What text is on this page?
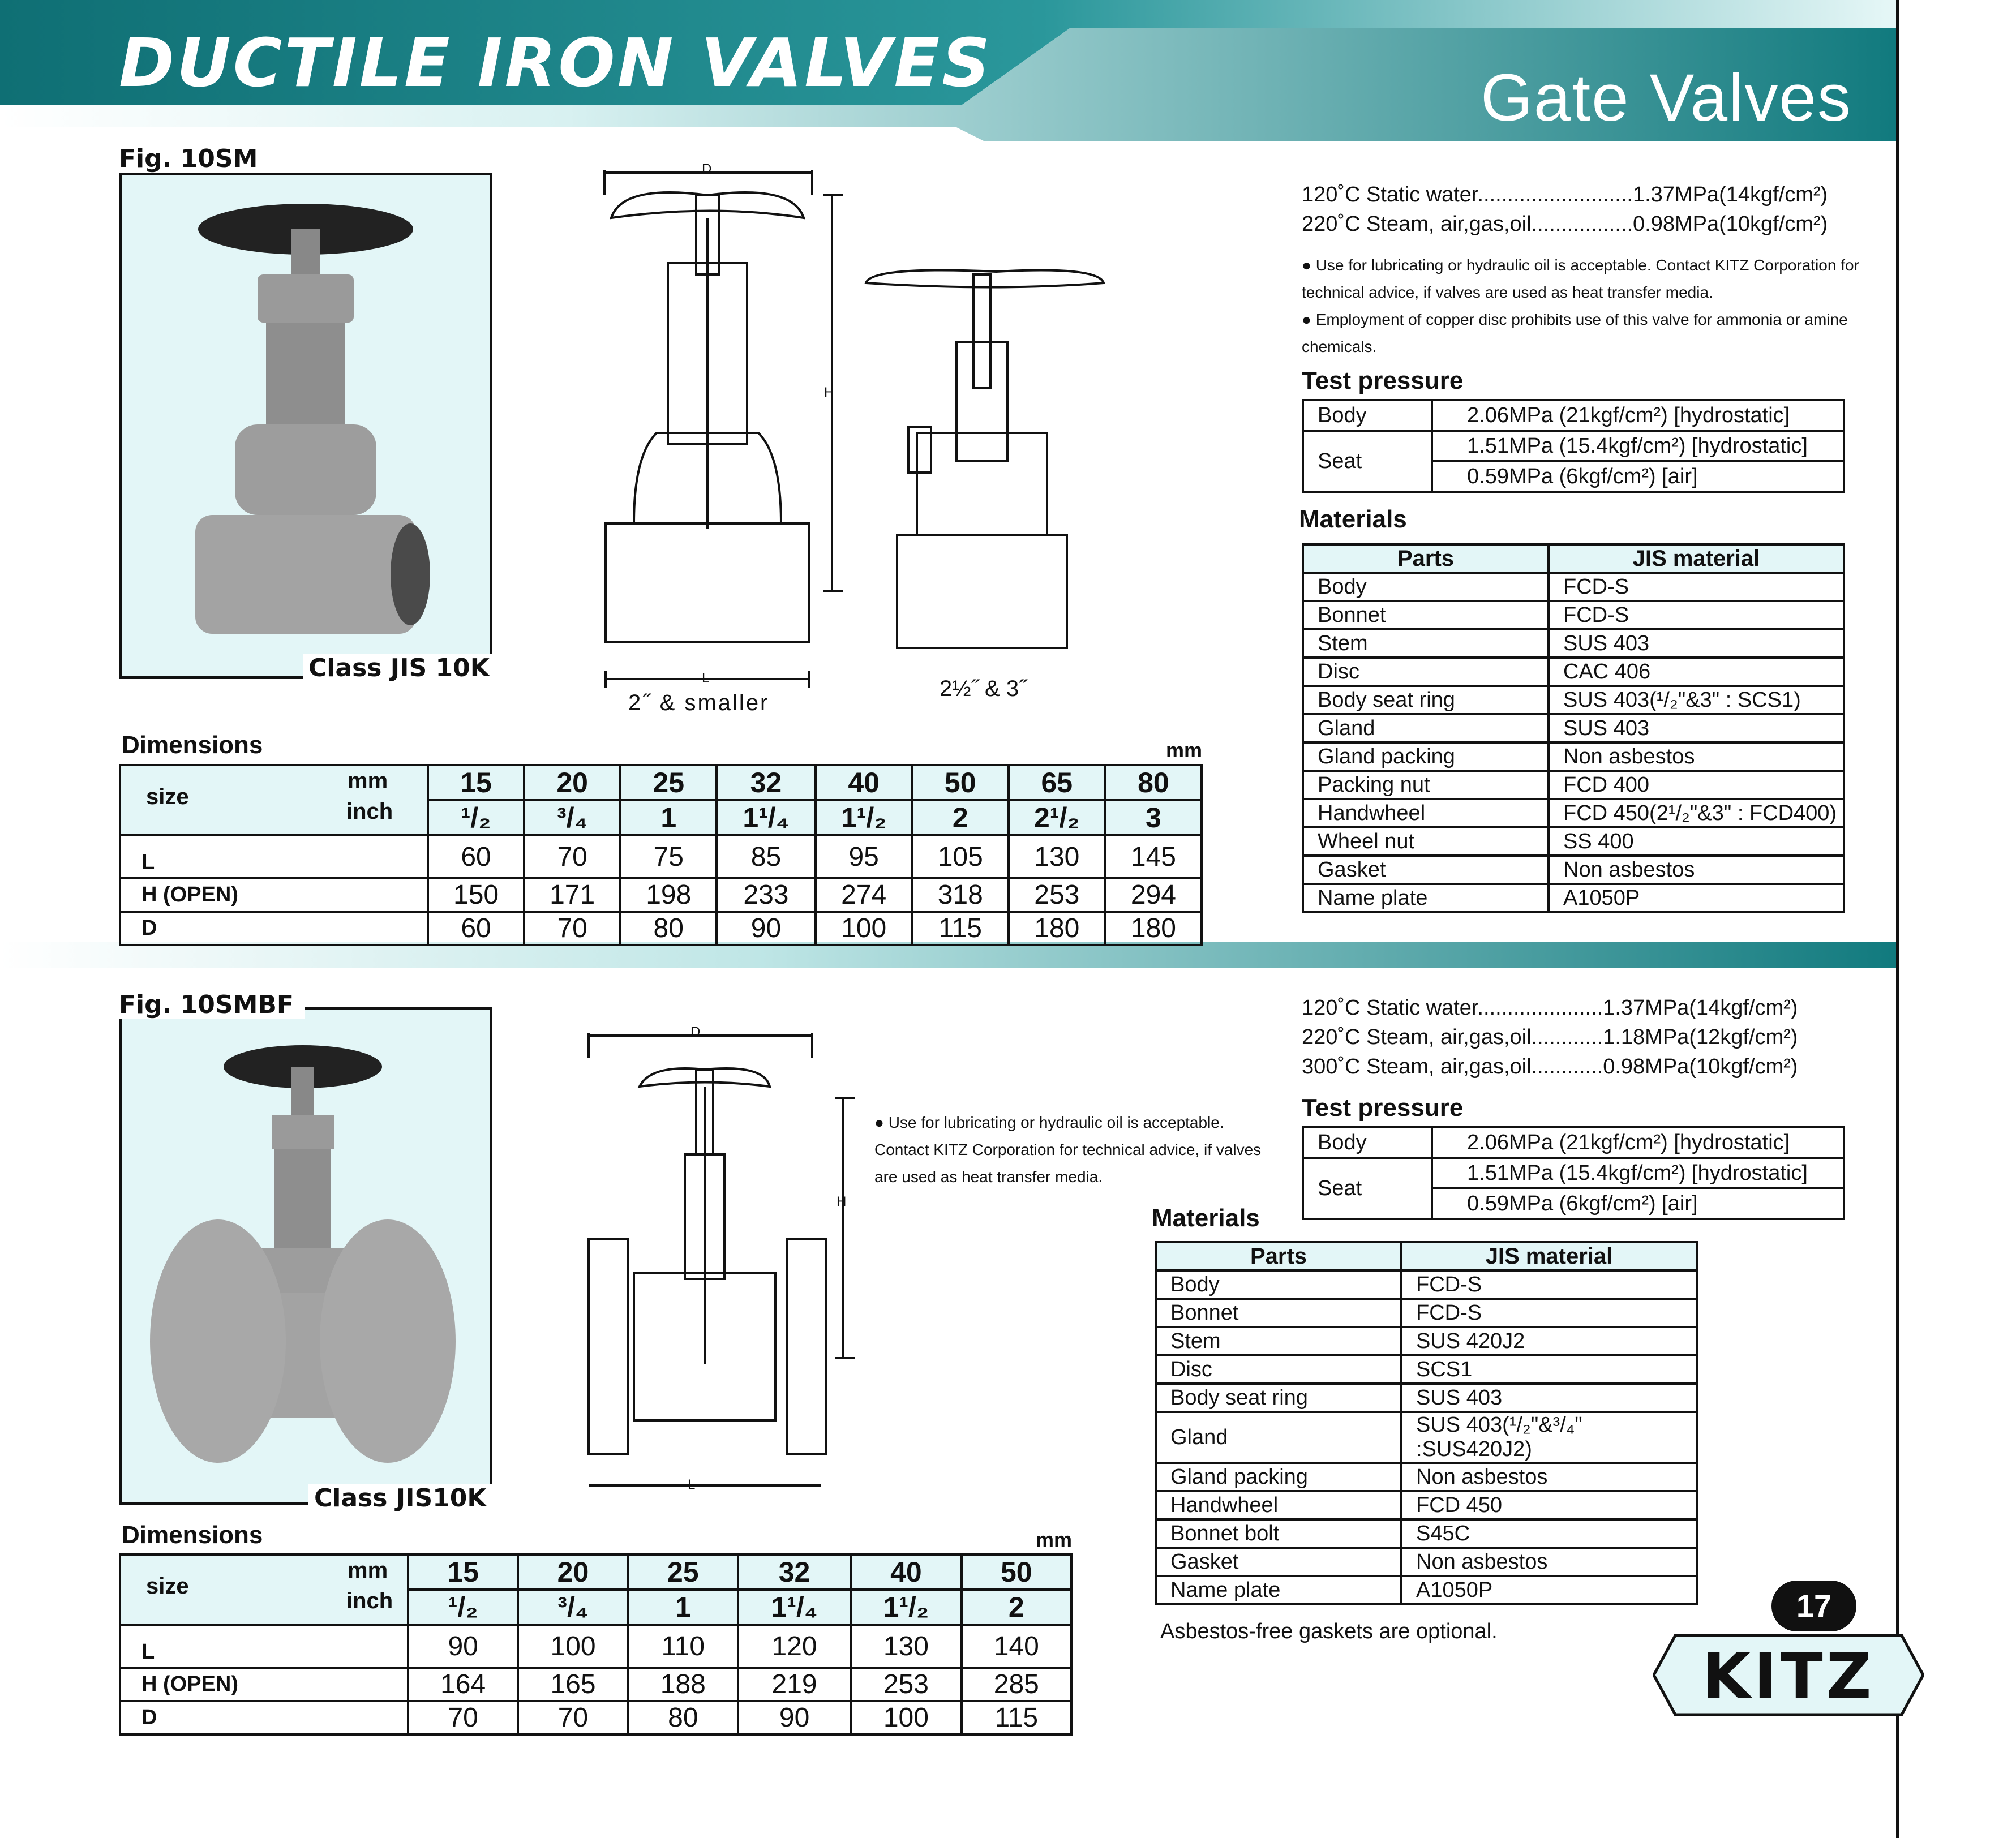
DUCTILE IRON VALVES	Gate Valves
Fig. 10SM
Class JIS 10K
D
H
L
2˝ & smaller
2½˝ & 3˝
120˚C Static water..........................1.37MPa(14kgf/cm²)
220˚C Steam, air,gas,oil.................0.98MPa(10kgf/cm²)
● Use for lubricating or hydraulic oil is acceptable. Contact KITZ Corporation for technical advice, if valves are used as heat transfer media.
● Employment of copper disc prohibits use of this valve for ammonia or amine chemicals.
Test pressure
Body	2.06MPa (21kgf/cm²) [hydrostatic]
Seat	1.51MPa (15.4kgf/cm²) [hydrostatic]
	0.59MPa (6kgf/cm²) [air]
Materials
Parts	JIS material
Body	FCD-S
Bonnet	FCD-S
Stem	SUS 403
Disc	CAC 406
Body seat ring	SUS 403(¹/₂"&3" : SCS1)
Gland	SUS 403
Gland packing	Non asbestos
Packing nut	FCD 400
Handwheel	FCD 450(2¹/₂"&3" : FCD400)
Wheel nut	SS 400
Gasket	Non asbestos
Name plate	A1050P
Dimensions	mm
size
mm
inch	15	20	25	32	40	50	65	80
	¹/₂	³/₄	1	1¹/₄	1¹/₂	2	2¹/₂	3
L	60	70	75	85	95	105	130	145
H (OPEN)	150	171	198	233	274	318	253	294
D	60	70	80	90	100	115	180	180
Fig. 10SMBF
Class JIS10K
D
H
L
● Use for lubricating or hydraulic oil is acceptable. Contact KITZ Corporation for technical advice, if valves are used as heat transfer media.
120˚C Static water.....................1.37MPa(14kgf/cm²)
220˚C Steam, air,gas,oil............1.18MPa(12kgf/cm²)
300˚C Steam, air,gas,oil............0.98MPa(10kgf/cm²)
Test pressure
Body	2.06MPa (21kgf/cm²) [hydrostatic]
Seat	1.51MPa (15.4kgf/cm²) [hydrostatic]
	0.59MPa (6kgf/cm²) [air]
Materials
Parts	JIS material
Body	FCD-S
Bonnet	FCD-S
Stem	SUS 420J2
Disc	SCS1
Body seat ring	SUS 403
Gland	SUS 403(¹/₂"&³/₄" :SUS420J2)
Gland packing	Non asbestos
Handwheel	FCD 450
Bonnet bolt	S45C
Gasket	Non asbestos
Name plate	A1050P
Asbestos-free gaskets are optional.
Dimensions	mm
size
mm
inch	15	20	25	32	40	50
	¹/₂	³/₄	1	1¹/₄	1¹/₂	2
L	90	100	110	120	130	140
H (OPEN)	164	165	188	219	253	285
D	70	70	80	90	100	115
17
KITZ
